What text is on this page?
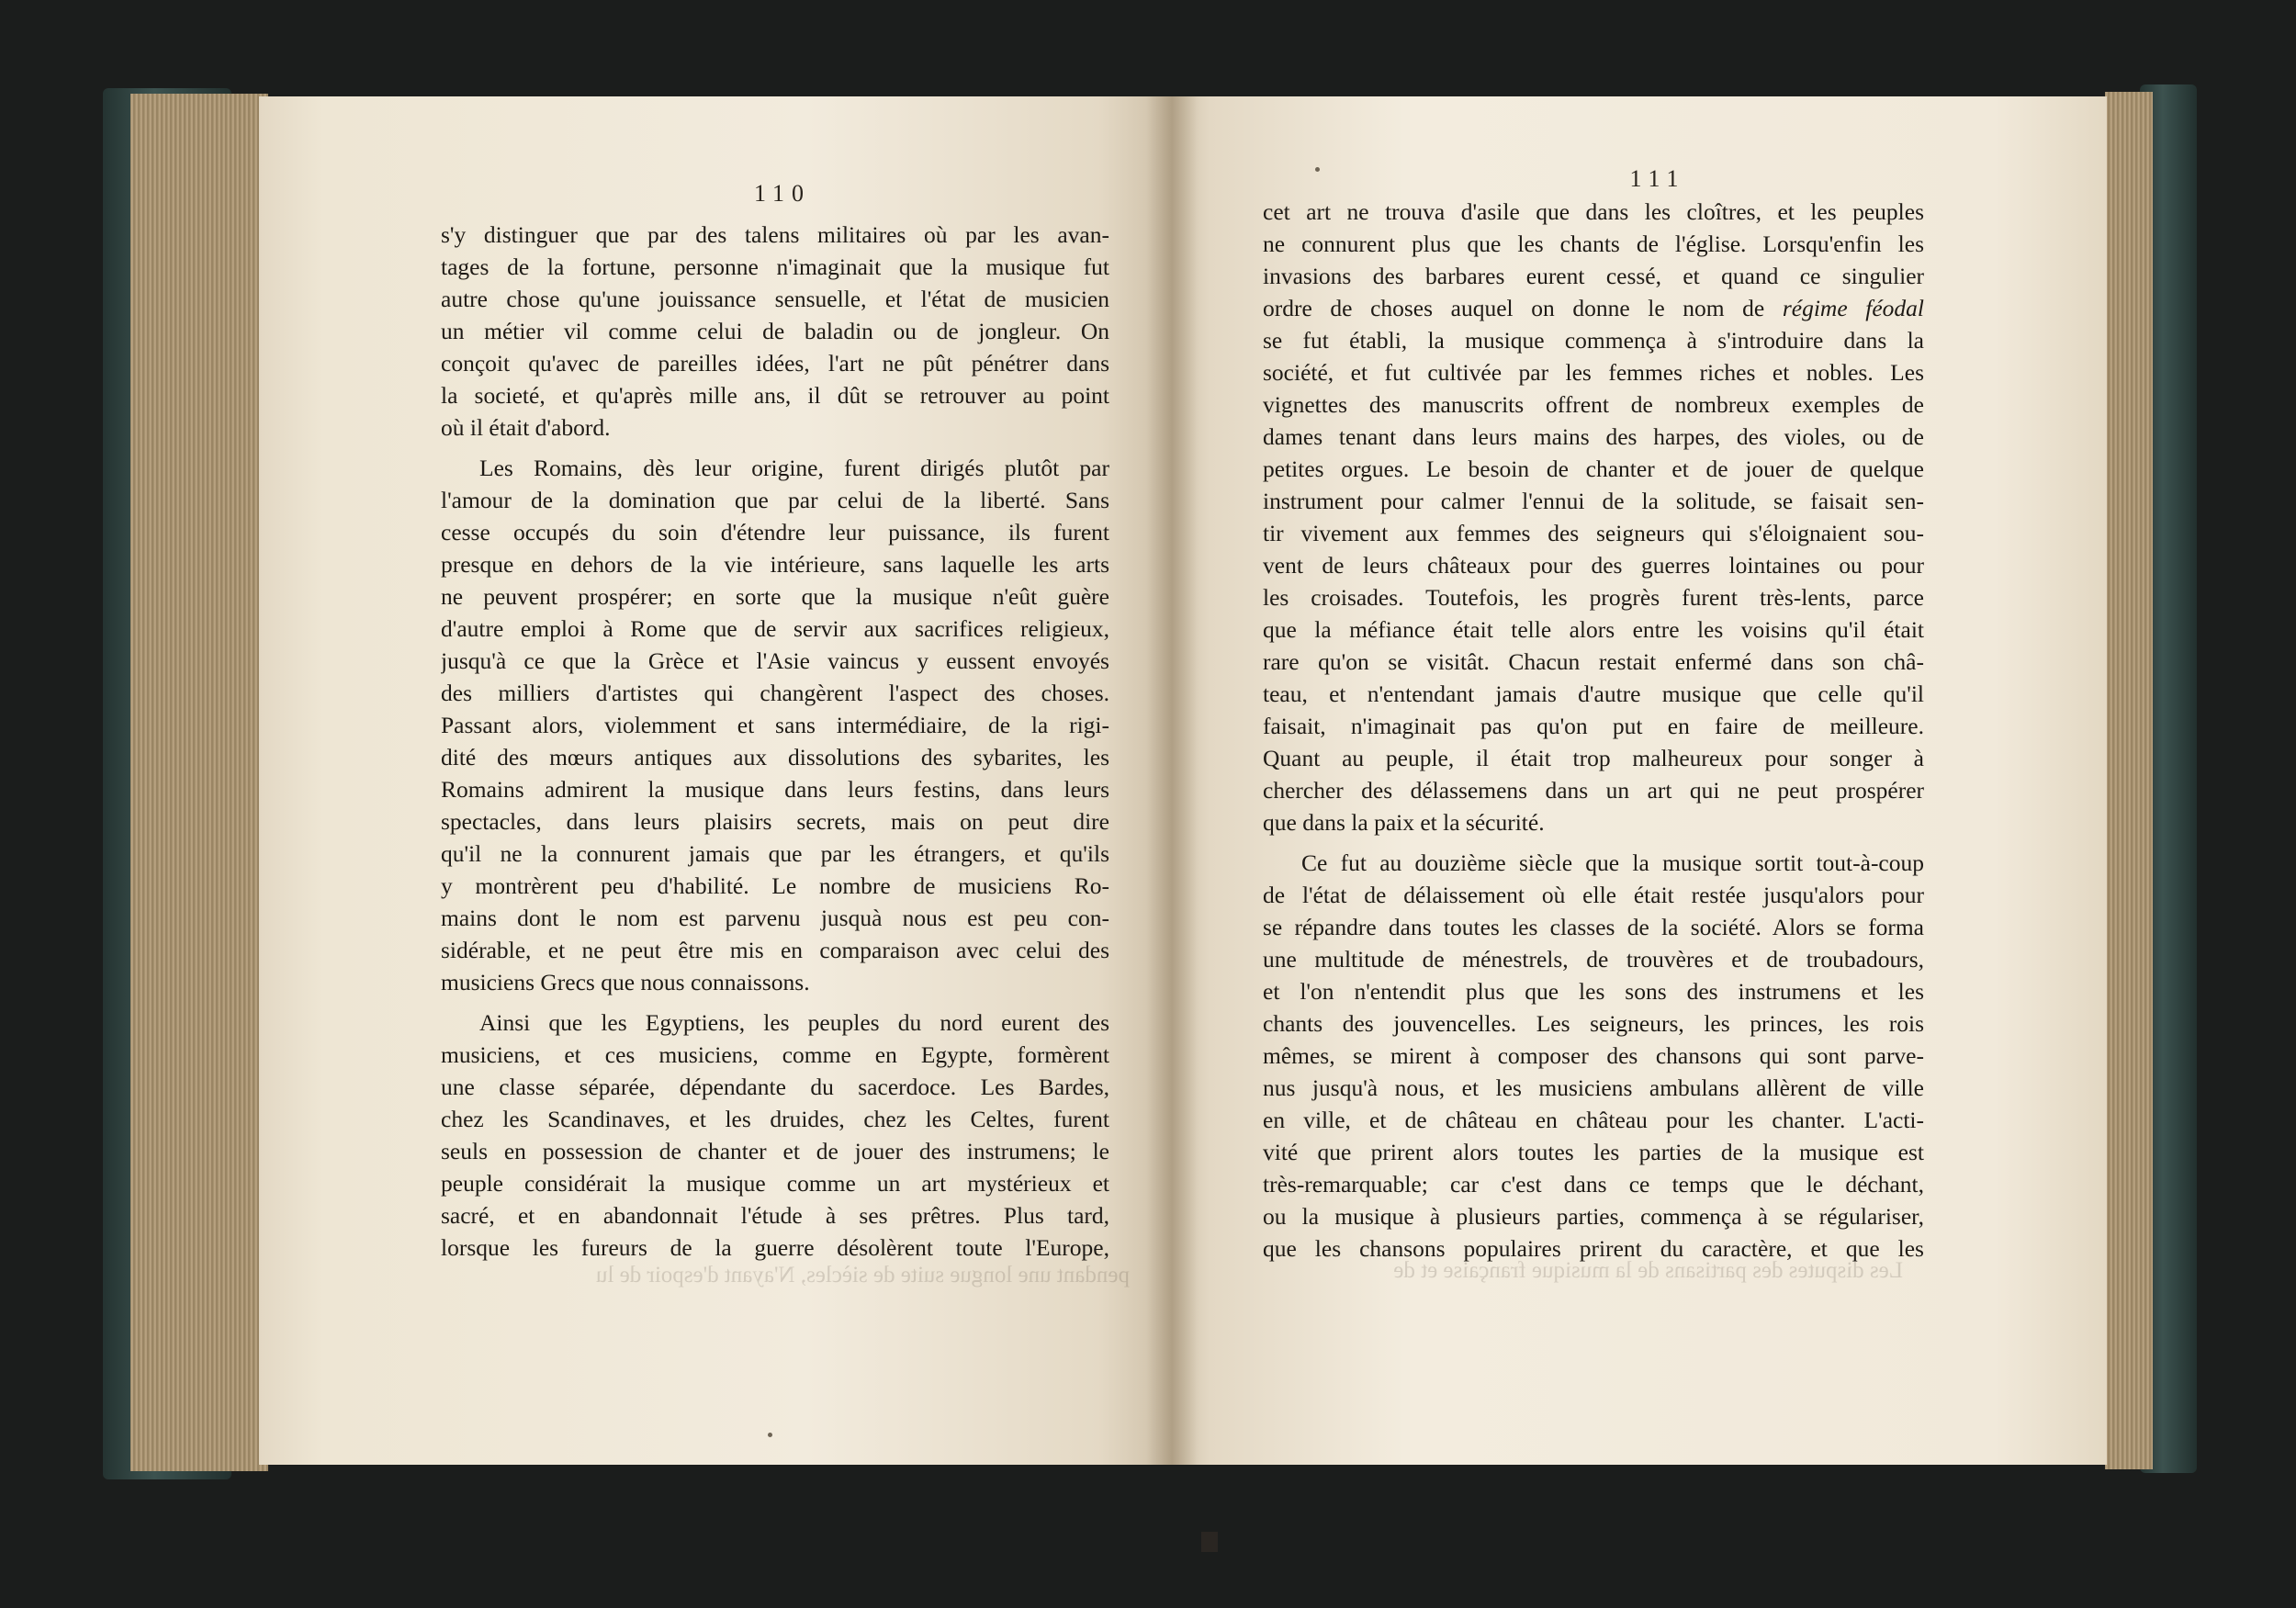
pendant une longue suite de siècles, N'ayant d'espoir de lu	Les disputes des partisans de la musique française et de
110
111
s'y distinguer que par des talens militaires où par les avan-
tages de la fortune, personne n'imaginait que la musique fut
autre chose qu'une jouissance sensuelle, et l'état de musicien
un métier vil comme celui de baladin ou de jongleur. On
conçoit qu'avec de pareilles idées, l'art ne pût pénétrer dans
la societé, et qu'après mille ans, il dût se retrouver au point
où il était d'abord.
Les Romains, dès leur origine, furent dirigés plutôt par
l'amour de la domination que par celui de la liberté. Sans
cesse occupés du soin d'étendre leur puissance, ils furent
presque en dehors de la vie intérieure, sans laquelle les arts
ne peuvent prospérer; en sorte que la musique n'eût guère
d'autre emploi à Rome que de servir aux sacrifices religieux,
jusqu'à ce que la Grèce et l'Asie vaincus y eussent envoyés
des milliers d'artistes qui changèrent l'aspect des choses.
Passant alors, violemment et sans intermédiaire, de la rigi-
dité des mœurs antiques aux dissolutions des sybarites, les
Romains admirent la musique dans leurs festins, dans leurs
spectacles, dans leurs plaisirs secrets, mais on peut dire
qu'il ne la connurent jamais que par les étrangers, et qu'ils
y montrèrent peu d'habilité. Le nombre de musiciens Ro-
mains dont le nom est parvenu jusquà nous est peu con-
sidérable, et ne peut être mis en comparaison avec celui des
musiciens Grecs que nous connaissons.
Ainsi que les Egyptiens, les peuples du nord eurent des
musiciens, et ces musiciens, comme en Egypte, formèrent
une classe séparée, dépendante du sacerdoce. Les Bardes,
chez les Scandinaves, et les druides, chez les Celtes, furent
seuls en possession de chanter et de jouer des instrumens; le
peuple considérait la musique comme un art mystérieux et
sacré, et en abandonnait l'étude à ses prêtres. Plus tard,
lorsque les fureurs de la guerre désolèrent toute l'Europe,
cet art ne trouva d'asile que dans les cloîtres, et les peuples
ne connurent plus que les chants de l'église. Lorsqu'enfin les
invasions des barbares eurent cessé, et quand ce singulier
ordre de choses auquel on donne le nom de régime féodal
se fut établi, la musique commença à s'introduire dans la
société, et fut cultivée par les femmes riches et nobles. Les
vignettes des manuscrits offrent de nombreux exemples de
dames tenant dans leurs mains des harpes, des violes, ou de
petites orgues. Le besoin de chanter et de jouer de quelque
instrument pour calmer l'ennui de la solitude, se faisait sen-
tir vivement aux femmes des seigneurs qui s'éloignaient sou-
vent de leurs châteaux pour des guerres lointaines ou pour
les croisades. Toutefois, les progrès furent très-lents, parce
que la méfiance était telle alors entre les voisins qu'il était
rare qu'on se visitât. Chacun restait enfermé dans son châ-
teau, et n'entendant jamais d'autre musique que celle qu'il
faisait, n'imaginait pas qu'on put en faire de meilleure.
Quant au peuple, il était trop malheureux pour songer à
chercher des délassemens dans un art qui ne peut prospérer
que dans la paix et la sécurité.
Ce fut au douzième siècle que la musique sortit tout-à-coup
de l'état de délaissement où elle était restée jusqu'alors pour
se répandre dans toutes les classes de la société. Alors se forma
une multitude de ménestrels, de trouvères et de troubadours,
et l'on n'entendit plus que les sons des instrumens et les
chants des jouvencelles. Les seigneurs, les princes, les rois
mêmes, se mirent à composer des chansons qui sont parve-
nus jusqu'à nous, et les musiciens ambulans allèrent de ville
en ville, et de château en château pour les chanter. L'acti-
vité que prirent alors toutes les parties de la musique est
très-remarquable; car c'est dans ce temps que le déchant,
ou la musique à plusieurs parties, commença à se régulariser,
que les chansons populaires prirent du caractère, et que les
